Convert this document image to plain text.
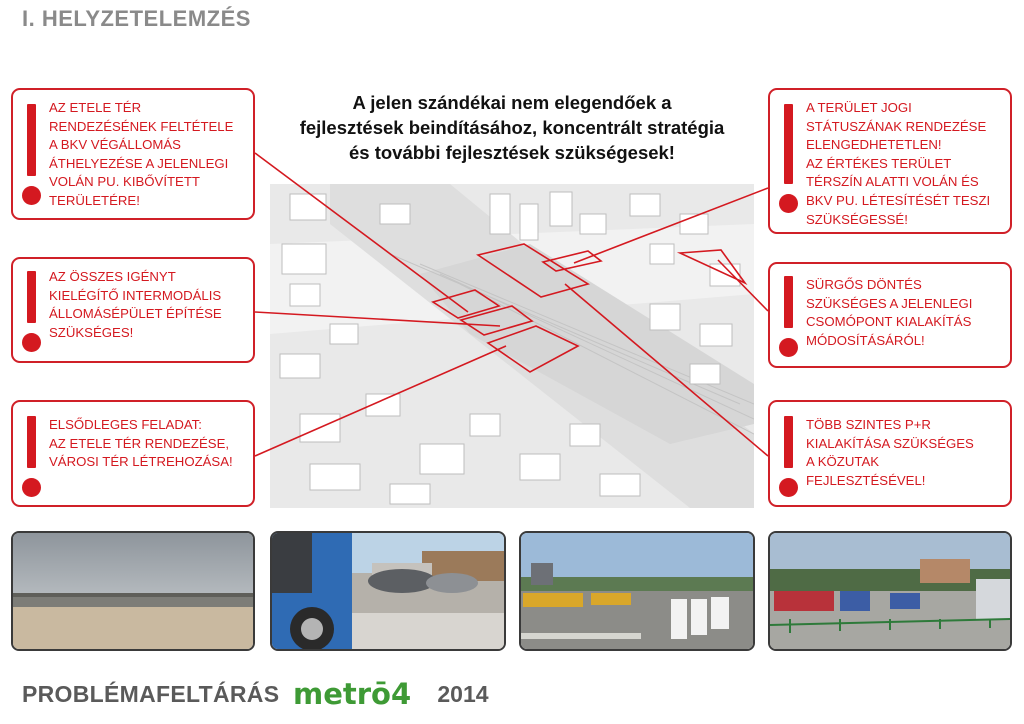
I. HELYZETELEMZÉS
AZ ETELE TÉR
RENDEZÉSÉNEK FELTÉTELE
A BKV VÉGÁLLOMÁS
ÁTHELYEZÉSE A JELENLEGI
VOLÁN PU. KIBŐVÍTETT
TERÜLETÉRE!
AZ ÖSSZES IGÉNYT
KIELÉGÍTŐ INTERMODÁLIS
ÁLLOMÁSÉPÜLET ÉPÍTÉSE
SZÜKSÉGES!
ELSŐDLEGES FELADAT:
AZ ETELE TÉR RENDEZÉSE,
VÁROSI TÉR LÉTREHOZÁSA!
A TERÜLET JOGI
STÁTUSZÁNAK RENDEZÉSE
ELENGEDHETETLEN!
AZ ÉRTÉKES TERÜLET
TÉRSZÍN ALATTI VOLÁN ÉS
BKV PU. LÉTESÍTÉSÉT TESZI
SZÜKSÉGESSÉ!
SÜRGŐS DÖNTÉS
SZÜKSÉGES A JELENLEGI
CSOMÓPONT KIALAKÍTÁS
MÓDOSÍTÁSÁRÓL!
TÖBB SZINTES P+R
KIALAKÍTÁSA SZÜKSÉGES
A KÖZUTAK
FEJLESZTÉSÉVEL!
A jelen szándékai nem elegendőek a
fejlesztések beindításához, koncentrált stratégia
és további fejlesztések szükségesek!
PROBLÉMAFELTÁRÁS metrō4 2014
